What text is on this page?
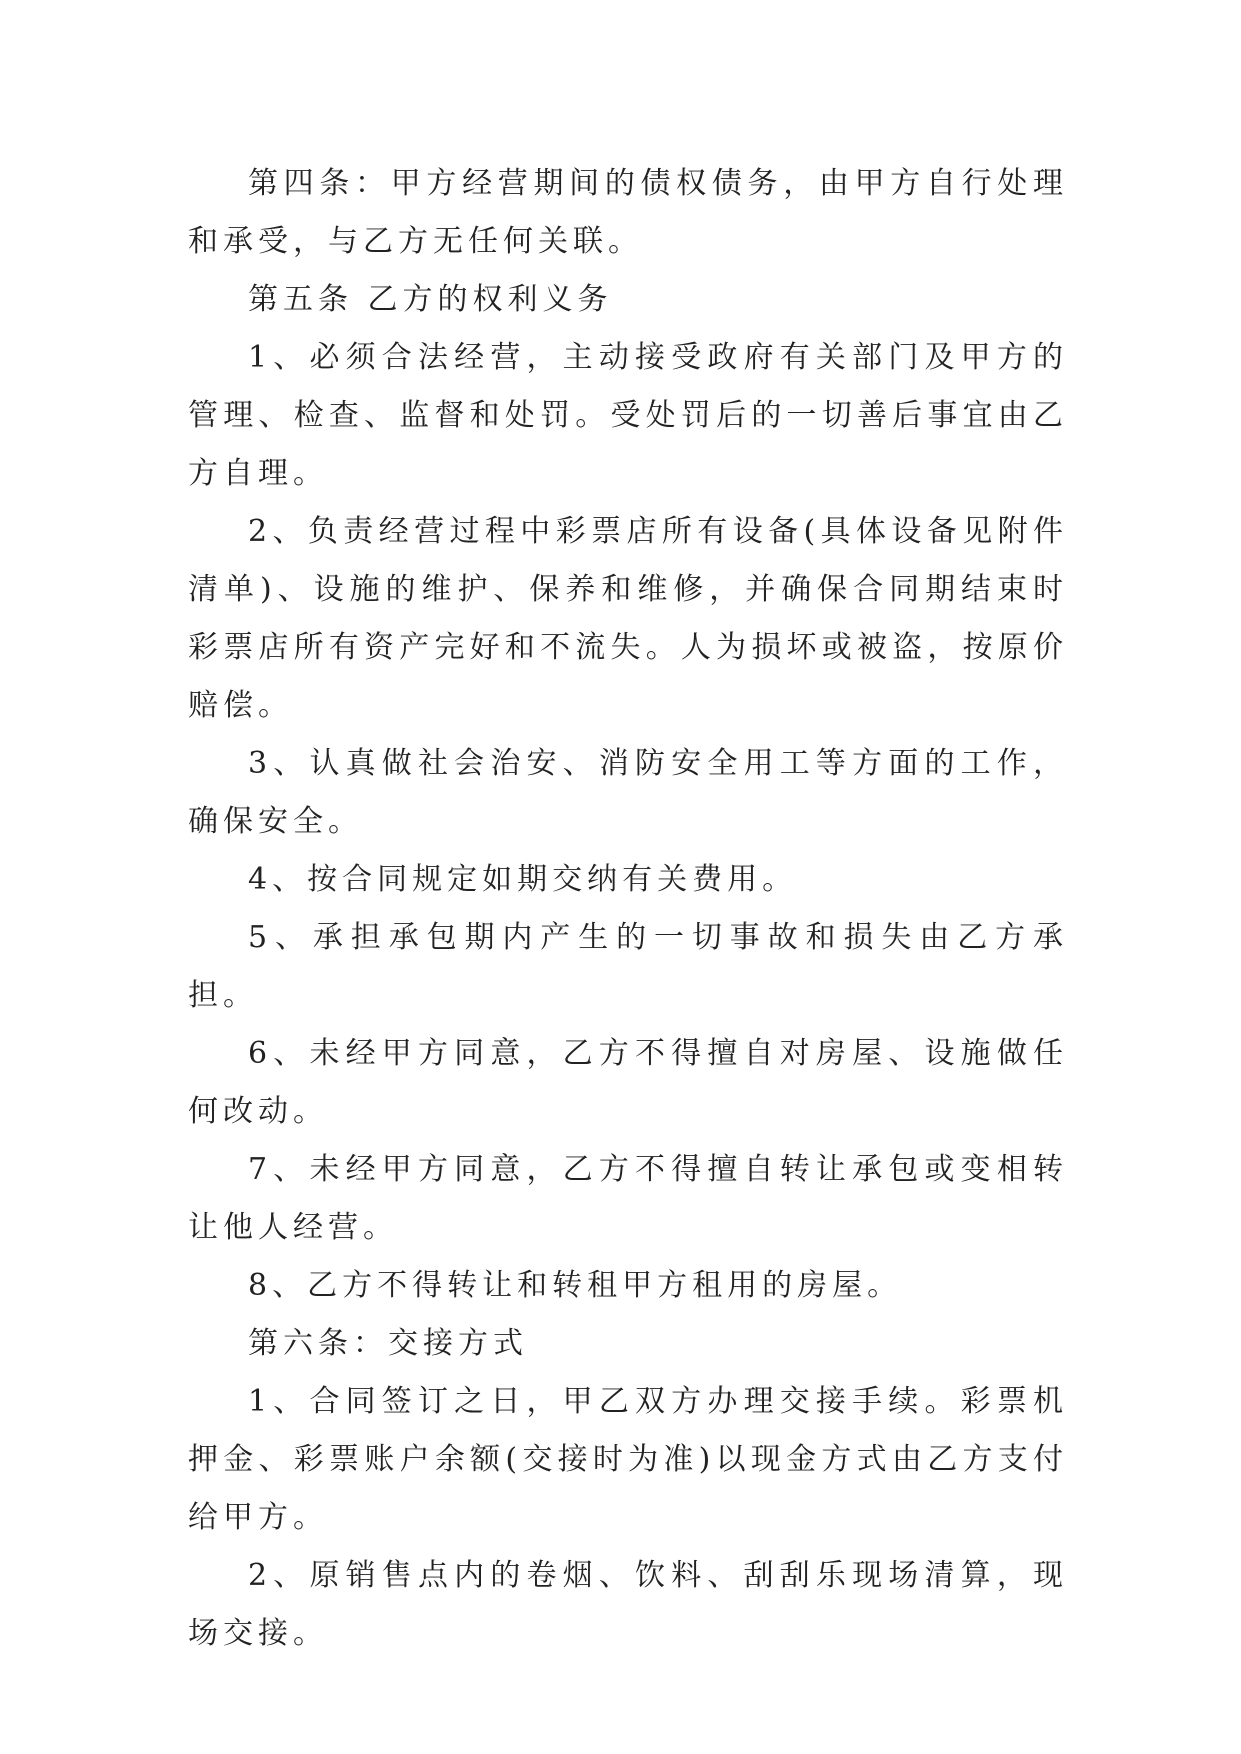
第四条：甲方经营期间的债权债务，由甲方自行处理和承受，与乙方无任何关联。

第五条 乙方的权利义务

1、必须合法经营，主动接受政府有关部门及甲方的管理、检查、监督和处罚。受处罚后的一切善后事宜由乙方自理。

2、负责经营过程中彩票店所有设备(具体设备见附件清单)、设施的维护、保养和维修，并确保合同期结束时彩票店所有资产完好和不流失。人为损坏或被盗，按原价赔偿。

3、认真做社会治安、消防安全用工等方面的工作，确保安全。

4、按合同规定如期交纳有关费用。

5、承担承包期内产生的一切事故和损失由乙方承担。

6、未经甲方同意，乙方不得擅自对房屋、设施做任何改动。

7、未经甲方同意，乙方不得擅自转让承包或变相转让他人经营。

8、乙方不得转让和转租甲方租用的房屋。

第六条：交接方式

1、合同签订之日，甲乙双方办理交接手续。彩票机押金、彩票账户余额(交接时为准)以现金方式由乙方支付给甲方。

2、原销售点内的卷烟、饮料、刮刮乐现场清算，现场交接。
